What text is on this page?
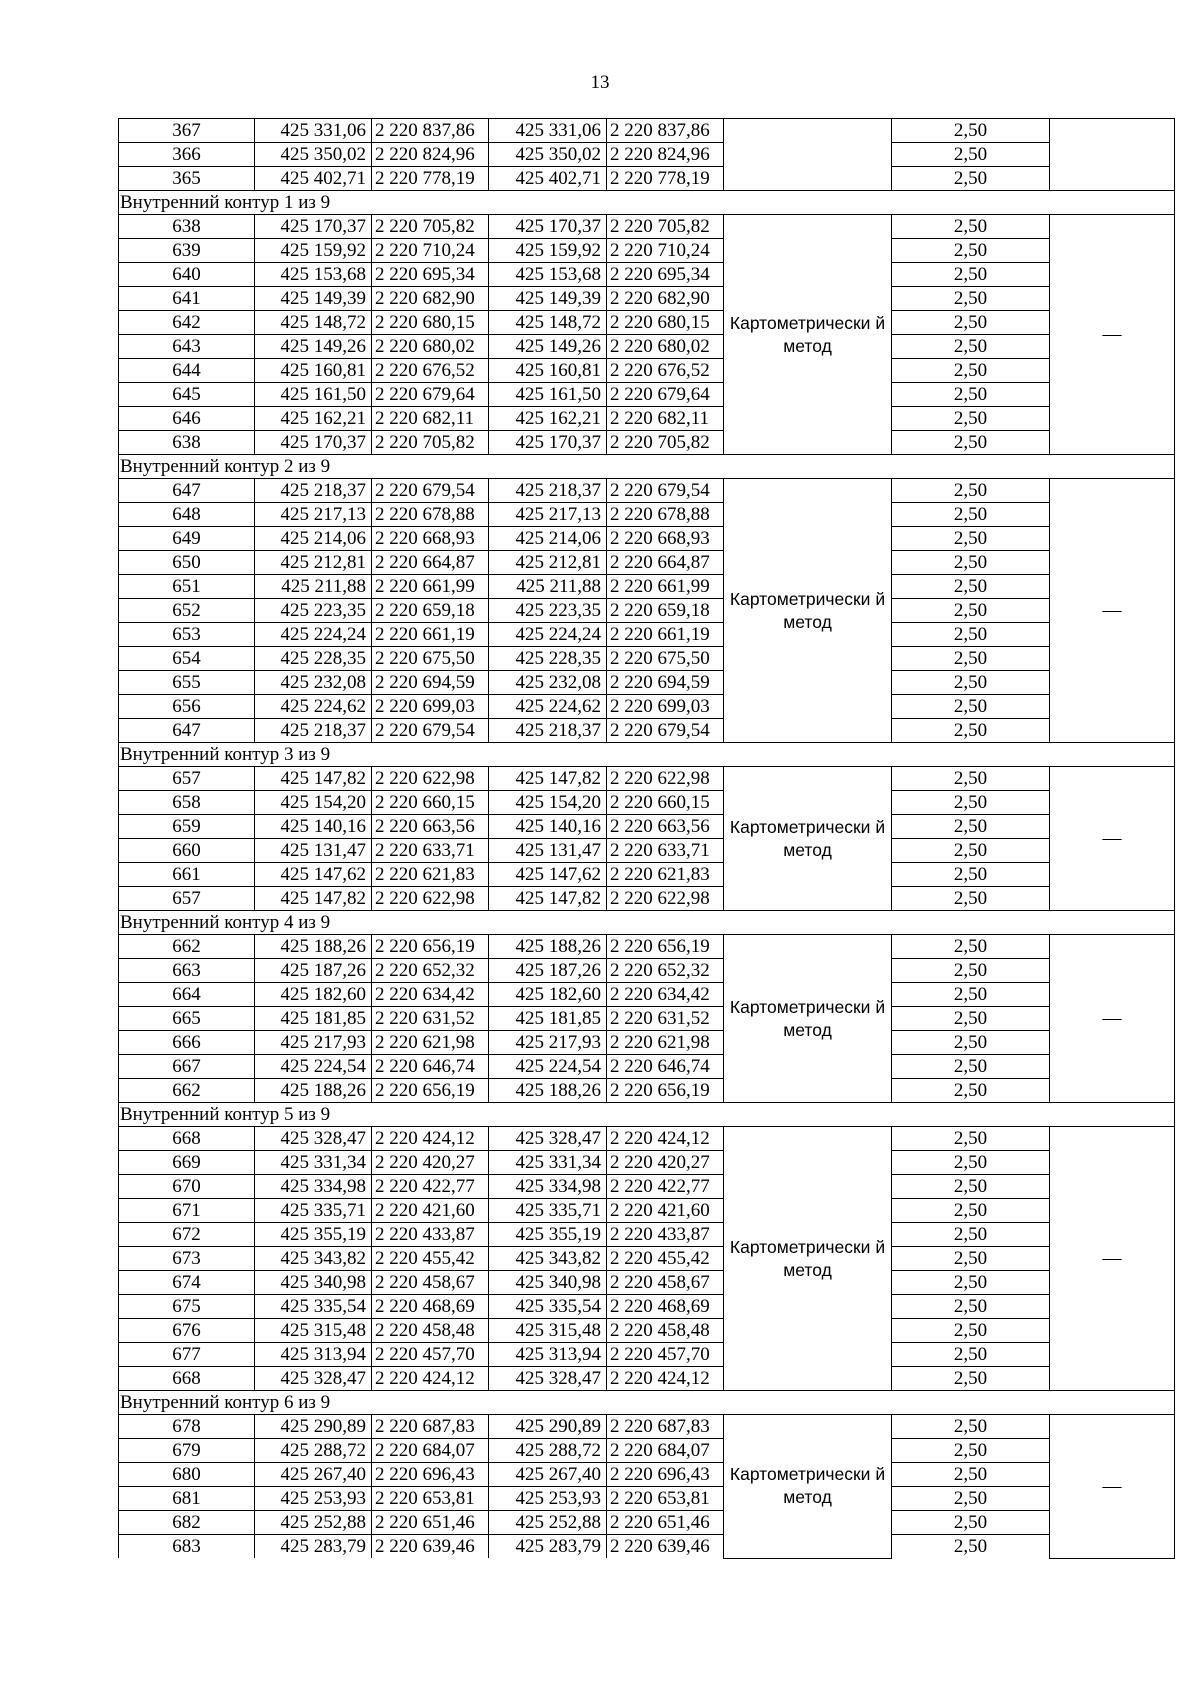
13
367	425 331,06	2 220 837,86	425 331,06	2 220 837,86		2,50	
366	425 350,02	2 220 824,96	425 350,02	2 220 824,96		2,50	
365	425 402,71	2 220 778,19	425 402,71	2 220 778,19		2,50	
Внутренний контур 1 из 9							
638	425 170,37	2 220 705,82	425 170,37	2 220 705,82	Картометрически й метод	2,50	—
639	425 159,92	2 220 710,24	425 159,92	2 220 710,24		2,50	
640	425 153,68	2 220 695,34	425 153,68	2 220 695,34		2,50	
641	425 149,39	2 220 682,90	425 149,39	2 220 682,90		2,50	
642	425 148,72	2 220 680,15	425 148,72	2 220 680,15		2,50	
643	425 149,26	2 220 680,02	425 149,26	2 220 680,02		2,50	
644	425 160,81	2 220 676,52	425 160,81	2 220 676,52		2,50	
645	425 161,50	2 220 679,64	425 161,50	2 220 679,64		2,50	
646	425 162,21	2 220 682,11	425 162,21	2 220 682,11		2,50	
638	425 170,37	2 220 705,82	425 170,37	2 220 705,82		2,50	
Внутренний контур 2 из 9							
647	425 218,37	2 220 679,54	425 218,37	2 220 679,54	Картометрически й метод	2,50	—
648	425 217,13	2 220 678,88	425 217,13	2 220 678,88		2,50	
649	425 214,06	2 220 668,93	425 214,06	2 220 668,93		2,50	
650	425 212,81	2 220 664,87	425 212,81	2 220 664,87		2,50	
651	425 211,88	2 220 661,99	425 211,88	2 220 661,99		2,50	
652	425 223,35	2 220 659,18	425 223,35	2 220 659,18		2,50	
653	425 224,24	2 220 661,19	425 224,24	2 220 661,19		2,50	
654	425 228,35	2 220 675,50	425 228,35	2 220 675,50		2,50	
655	425 232,08	2 220 694,59	425 232,08	2 220 694,59		2,50	
656	425 224,62	2 220 699,03	425 224,62	2 220 699,03		2,50	
647	425 218,37	2 220 679,54	425 218,37	2 220 679,54		2,50	
Внутренний контур 3 из 9							
657	425 147,82	2 220 622,98	425 147,82	2 220 622,98	Картометрически й метод	2,50	—
658	425 154,20	2 220 660,15	425 154,20	2 220 660,15		2,50	
659	425 140,16	2 220 663,56	425 140,16	2 220 663,56		2,50	
660	425 131,47	2 220 633,71	425 131,47	2 220 633,71		2,50	
661	425 147,62	2 220 621,83	425 147,62	2 220 621,83		2,50	
657	425 147,82	2 220 622,98	425 147,82	2 220 622,98		2,50	
Внутренний контур 4 из 9							
662	425 188,26	2 220 656,19	425 188,26	2 220 656,19	Картометрически й метод	2,50	—
663	425 187,26	2 220 652,32	425 187,26	2 220 652,32		2,50	
664	425 182,60	2 220 634,42	425 182,60	2 220 634,42		2,50	
665	425 181,85	2 220 631,52	425 181,85	2 220 631,52		2,50	
666	425 217,93	2 220 621,98	425 217,93	2 220 621,98		2,50	
667	425 224,54	2 220 646,74	425 224,54	2 220 646,74		2,50	
662	425 188,26	2 220 656,19	425 188,26	2 220 656,19		2,50	
Внутренний контур 5 из 9							
668	425 328,47	2 220 424,12	425 328,47	2 220 424,12	Картометрически й метод	2,50	—
669	425 331,34	2 220 420,27	425 331,34	2 220 420,27		2,50	
670	425 334,98	2 220 422,77	425 334,98	2 220 422,77		2,50	
671	425 335,71	2 220 421,60	425 335,71	2 220 421,60		2,50	
672	425 355,19	2 220 433,87	425 355,19	2 220 433,87		2,50	
673	425 343,82	2 220 455,42	425 343,82	2 220 455,42		2,50	
674	425 340,98	2 220 458,67	425 340,98	2 220 458,67		2,50	
675	425 335,54	2 220 468,69	425 335,54	2 220 468,69		2,50	
676	425 315,48	2 220 458,48	425 315,48	2 220 458,48		2,50	
677	425 313,94	2 220 457,70	425 313,94	2 220 457,70		2,50	
668	425 328,47	2 220 424,12	425 328,47	2 220 424,12		2,50	
Внутренний контур 6 из 9							
678	425 290,89	2 220 687,83	425 290,89	2 220 687,83	Картометрически й метод	2,50	—
679	425 288,72	2 220 684,07	425 288,72	2 220 684,07		2,50	
680	425 267,40	2 220 696,43	425 267,40	2 220 696,43		2,50	
681	425 253,93	2 220 653,81	425 253,93	2 220 653,81		2,50	
682	425 252,88	2 220 651,46	425 252,88	2 220 651,46		2,50	
683	425 283,79	2 220 639,46	425 283,79	2 220 639,46		2,50	
